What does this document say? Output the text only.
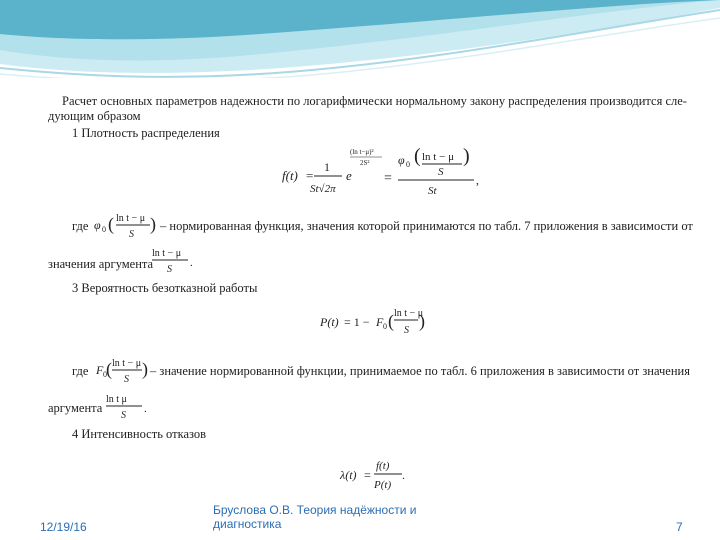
Расчет основных параметров надежности по логарифмически нормальному закону распределения производится сле-
дующим образом
1 Плотность распределения
f(t) =
1
St√2π
e
(ln t−μ)²
2S²
=
φ 0 ( ln t − μ
S
)
St
,
где φ 0 ( ln t − μ
S
) – нормированная функция, значения которой принимаются по табл. 7 приложения в зависимости от
значения аргумента
ln t − μ
S
.
3 Вероятность безотказной работы
P(t) = 1 − F 0 ( ln t − μ
S )
где F 0 ( ln t − μ
S
) – значение нормированной функции, принимаемое по табл. 6 приложения в зависимости от значения
аргумента
ln t μ
S
.
4 Интенсивность отказов
λ(t) =
f(t)
P(t)
.
12/19/16
Бруслова О.В. Теория надёжности и диагностика	7
